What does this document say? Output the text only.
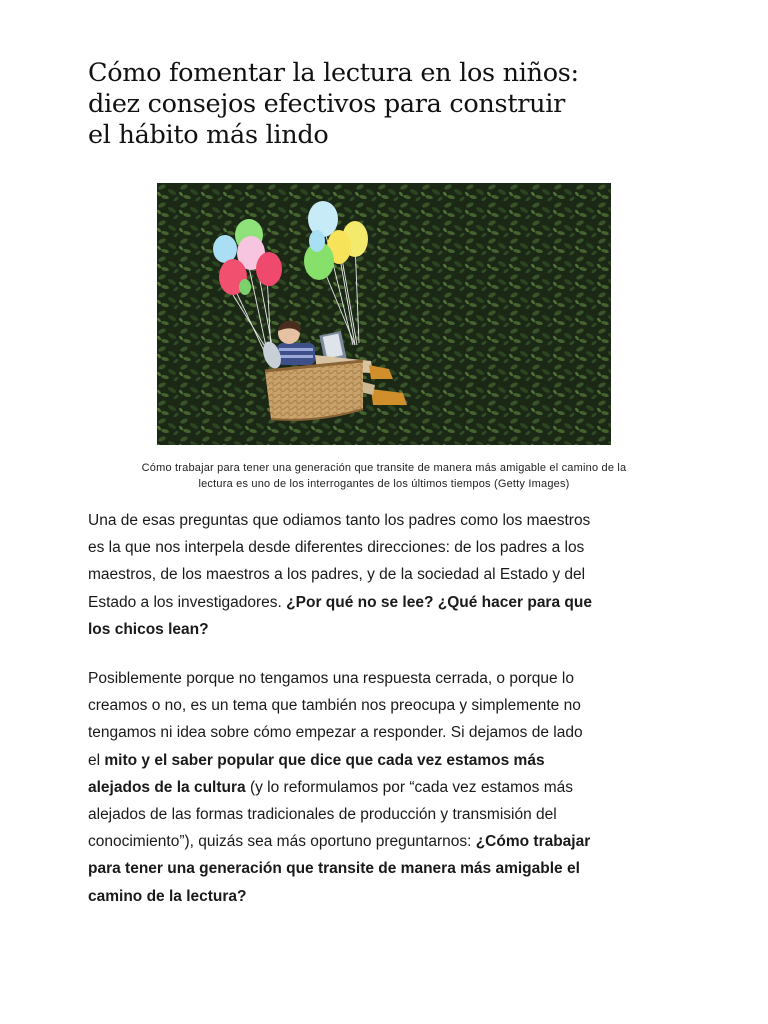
Cómo fomentar la lectura en los niños: diez consejos efectivos para construir el hábito más lindo
Cómo trabajar para tener una generación que transite de manera más amigable el camino de la lectura es uno de los interrogantes de los últimos tiempos (Getty Images)

Una de esas preguntas que odiamos tanto los padres como los maestros es la que nos interpela desde diferentes direcciones: de los padres a los maestros, de los maestros a los padres, y de la sociedad al Estado y del Estado a los investigadores. ¿Por qué no se lee? ¿Qué hacer para que los chicos lean?

Posiblemente porque no tengamos una respuesta cerrada, o porque lo creamos o no, es un tema que también nos preocupa y simplemente no tengamos ni idea sobre cómo empezar a responder. Si dejamos de lado el mito y el saber popular que dice que cada vez estamos más alejados de la cultura (y lo reformulamos por “cada vez estamos más alejados de las formas tradicionales de producción y transmisión del conocimiento”), quizás sea más oportuno preguntarnos: ¿Cómo trabajar para tener una generación que transite de manera más amigable el camino de la lectura?
